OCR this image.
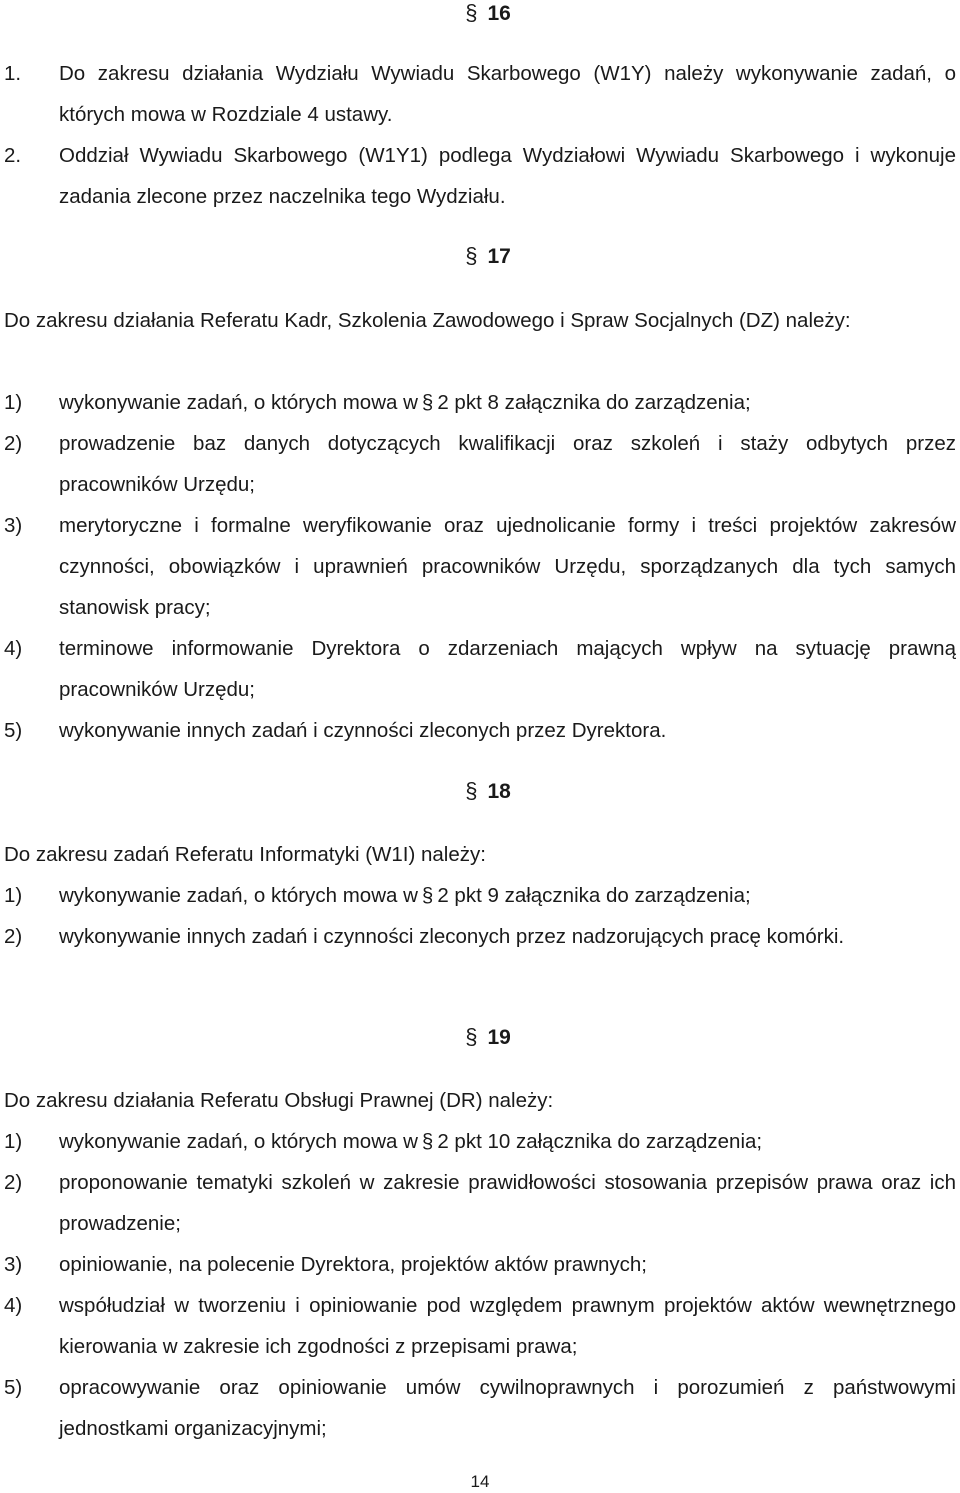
§ 16
1. Do zakresu działania Wydziału Wywiadu Skarbowego (W1Y) należy wykonywanie zadań, o których mowa w Rozdziale 4 ustawy.
2. Oddział Wywiadu Skarbowego (W1Y1) podlega Wydziałowi Wywiadu Skarbowego i wykonuje zadania zlecone przez naczelnika tego Wydziału.
§ 17

Do zakresu działania Referatu Kadr, Szkolenia Zawodowego i Spraw Socjalnych (DZ) należy:

1) wykonywanie zadań, o których mowa w § 2 pkt 8 załącznika do zarządzenia;
2) prowadzenie baz danych dotyczących kwalifikacji oraz szkoleń i staży odbytych przez pracowników Urzędu;
3) merytoryczne i formalne weryfikowanie oraz ujednolicanie formy i treści projektów zakresów czynności, obowiązków i uprawnień pracowników Urzędu, sporządzanych dla tych samych stanowisk pracy;
4) terminowe informowanie Dyrektora o zdarzeniach mających wpływ na sytuację prawną pracowników Urzędu;
5) wykonywanie innych zadań i czynności zleconych przez Dyrektora.
§ 18

Do zakresu zadań Referatu Informatyki (W1I) należy:

1) wykonywanie zadań, o których mowa w § 2 pkt 9 załącznika do zarządzenia;
2) wykonywanie innych zadań i czynności zleconych przez nadzorujących pracę komórki.
§ 19

Do zakresu działania Referatu Obsługi Prawnej (DR) należy:

1) wykonywanie zadań, o których mowa w § 2 pkt 10 załącznika do zarządzenia;
2) proponowanie tematyki szkoleń w zakresie prawidłowości stosowania przepisów prawa oraz ich prowadzenie;
3) opiniowanie, na polecenie Dyrektora, projektów aktów prawnych;
4) współudział w tworzeniu i opiniowanie pod względem prawnym projektów aktów wewnętrznego kierowania w zakresie ich zgodności z przepisami prawa;
5) opracowywanie oraz opiniowanie umów cywilnoprawnych i porozumień z państwowymi jednostkami organizacyjnymi;
14
